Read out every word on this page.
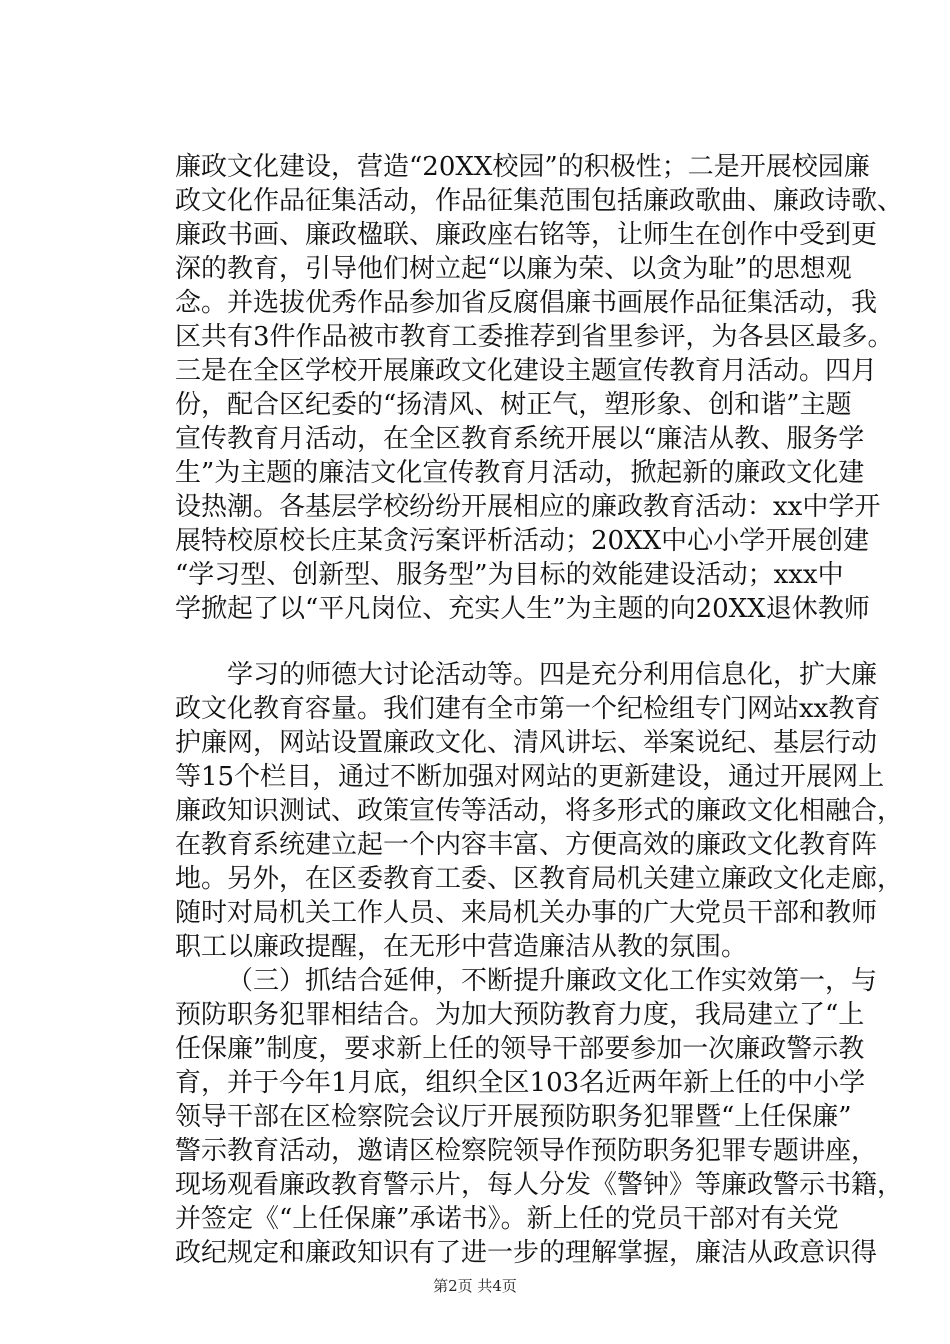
廉政文化建设，营造“20XX校园”的积极性；二是开展校园廉
政文化作品征集活动，作品征集范围包括廉政歌曲、廉政诗歌、
廉政书画、廉政楹联、廉政座右铭等，让师生在创作中受到更
深的教育，引导他们树立起“以廉为荣、以贪为耻”的思想观
念。并选拔优秀作品参加省反腐倡廉书画展作品征集活动，我
区共有3件作品被市教育工委推荐到省里参评，为各县区最多。
三是在全区学校开展廉政文化建设主题宣传教育月活动。四月
份，配合区纪委的“扬清风、树正气，塑形象、创和谐”主题
宣传教育月活动，在全区教育系统开展以“廉洁从教、服务学
生”为主题的廉洁文化宣传教育月活动，掀起新的廉政文化建
设热潮。各基层学校纷纷开展相应的廉政教育活动：xx中学开
展特校原校长庄某贪污案评析活动；20XX中心小学开展创建
“学习型、创新型、服务型”为目标的效能建设活动；xxx中
学掀起了以“平凡岗位、充实人生”为主题的向20XX退休教师
学习的师德大讨论活动等。四是充分利用信息化，扩大廉
政文化教育容量。我们建有全市第一个纪检组专门网站xx教育
护廉网，网站设置廉政文化、清风讲坛、举案说纪、基层行动
等15个栏目，通过不断加强对网站的更新建设，通过开展网上
廉政知识测试、政策宣传等活动，将多形式的廉政文化相融合，
在教育系统建立起一个内容丰富、方便高效的廉政文化教育阵
地。另外，在区委教育工委、区教育局机关建立廉政文化走廊，
随时对局机关工作人员、来局机关办事的广大党员干部和教师
职工以廉政提醒，在无形中营造廉洁从教的氛围。
（三）抓结合延伸，不断提升廉政文化工作实效第一，与
预防职务犯罪相结合。为加大预防教育力度，我局建立了“上
任保廉”制度，要求新上任的领导干部要参加一次廉政警示教
育，并于今年1月底，组织全区103名近两年新上任的中小学
领导干部在区检察院会议厅开展预防职务犯罪暨“上任保廉”
第2页 共4页
警示教育活动，邀请区检察院领导作预防职务犯罪专题讲座，
现场观看廉政教育警示片，每人分发《警钟》等廉政警示书籍，
并签定《“上任保廉”承诺书》。新上任的党员干部对有关党
政纪规定和廉政知识有了进一步的理解掌握，廉洁从政意识得
